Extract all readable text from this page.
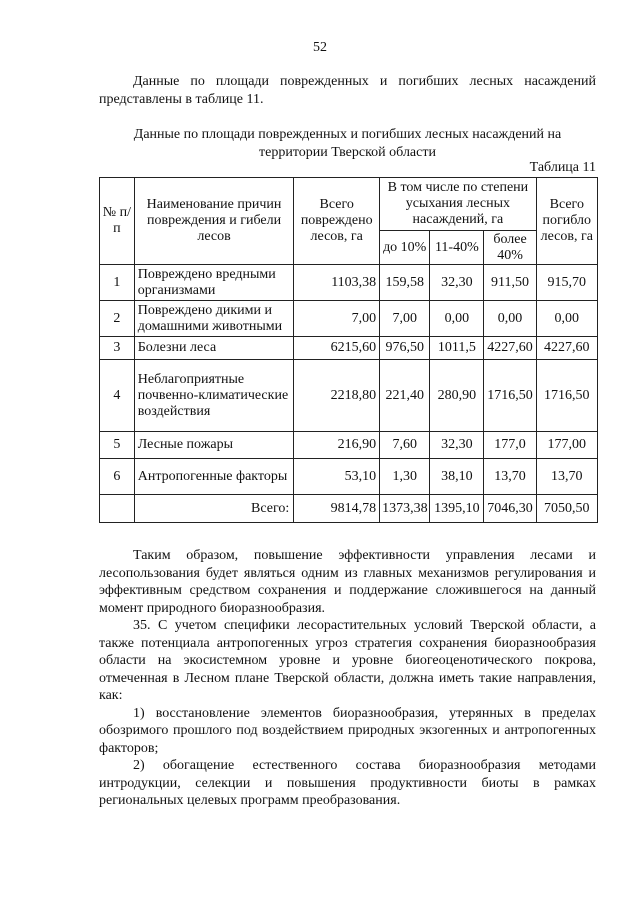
52

Данные по площади поврежденных и погибших лесных насаждений представлены в таблице 11.

Данные по площади поврежденных и погибших лесных насаждений на территории Тверской области

Таблица 11
№ п/п	Наименование причин повреждения и гибели лесов	Всего повреждено лесов, га	В том числе по степени усыхания лесных насаждений, га			Всего погибло лесов, га
			до 10%	11-40%	более 40%	
1	Повреждено вредными организмами	1103,38	159,58	32,30	911,50	915,70
2	Повреждено дикими и домашними животными	7,00	7,00	0,00	0,00	0,00
3	Болезни леса	6215,60	976,50	1011,5	4227,60	4227,60
4	Неблагоприятные почвенно-климатические воздействия	2218,80	221,40	280,90	1716,50	1716,50
5	Лесные пожары	216,90	7,60	32,30	177,0	177,00
6	Антропогенные факторы	53,10	1,30	38,10	13,70	13,70
	Всего:	9814,78	1373,38	1395,10	7046,30	7050,50

Таким образом, повышение эффективности управления лесами и лесопользования будет являться одним из главных механизмов регулирования и эффективным средством сохранения и поддержание сложившегося на данный момент природного биоразнообразия.

35. С учетом специфики лесорастительных условий Тверской области, а также потенциала антропогенных угроз стратегия сохранения биоразнообразия области на экосистемном уровне и уровне биогеоценотического покрова, отмеченная в Лесном плане Тверской области, должна иметь такие направления, как:

1) восстановление элементов биоразнообразия, утерянных в пределах обозримого прошлого под воздействием природных экзогенных и антропогенных факторов;

2) обогащение естественного состава биоразнообразия методами интродукции, селекции и повышения продуктивности биоты в рамках региональных целевых программ преобразования.
